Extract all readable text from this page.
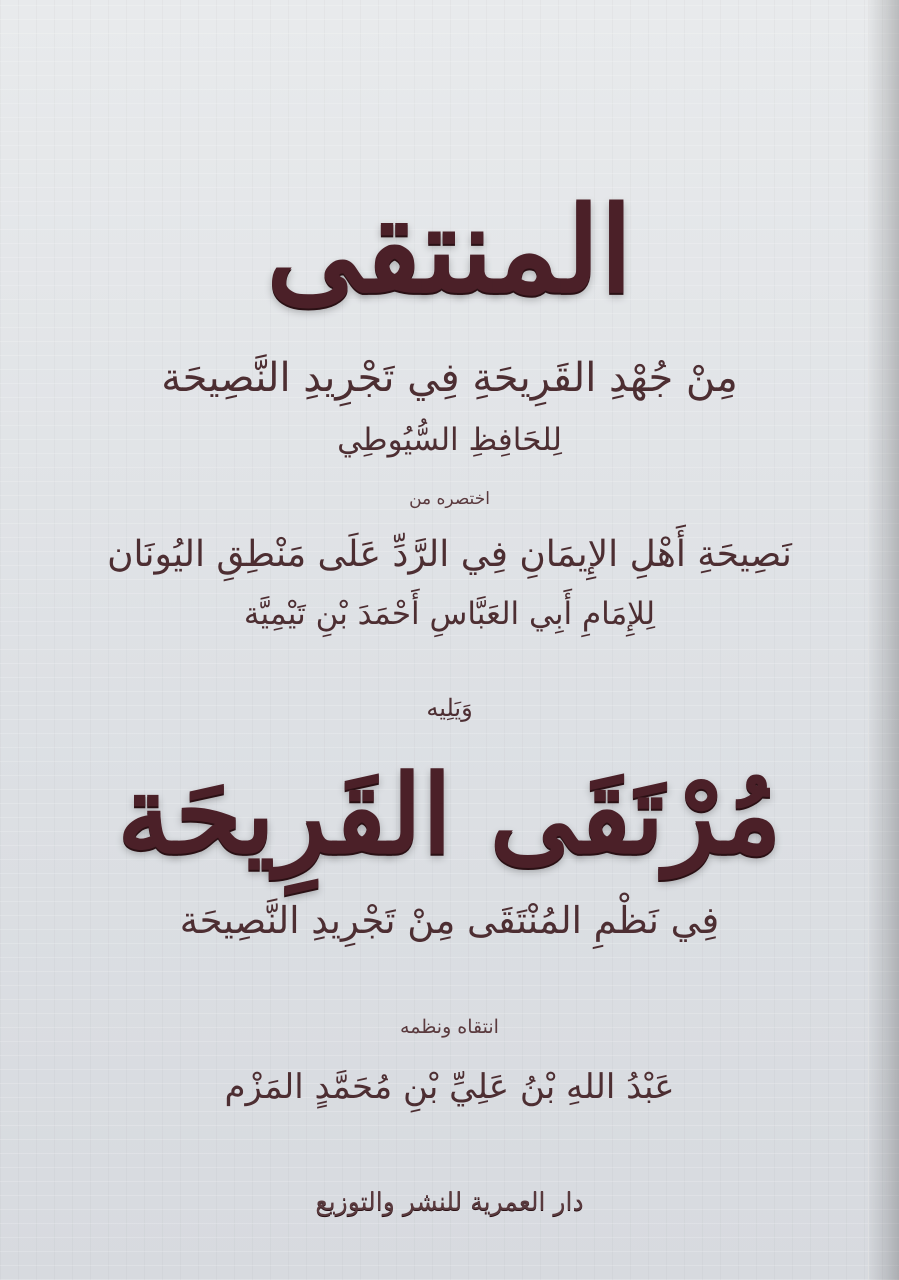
المنتقى
مِنْ جُهْدِ القَرِيحَةِ فِي تَجْرِيدِ النَّصِيحَة
لِلحَافِظِ السُّيُوطِي
اختصره من
نَصِيحَةِ أَهْلِ الإِيمَانِ فِي الرَّدِّ عَلَى مَنْطِقِ اليُونَان
لِلإِمَامِ أَبِي العَبَّاسِ أَحْمَدَ بْنِ تَيْمِيَّة
وَيَلِيه
مُرْتَقَى القَرِيحَة
فِي نَظْمِ المُنْتَقَى مِنْ تَجْرِيدِ النَّصِيحَة
انتقاه ونظمه
عَبْدُ اللهِ بْنُ عَلِيِّ بْنِ مُحَمَّدٍ المَزْم
دار العمرية للنشر والتوزيع
